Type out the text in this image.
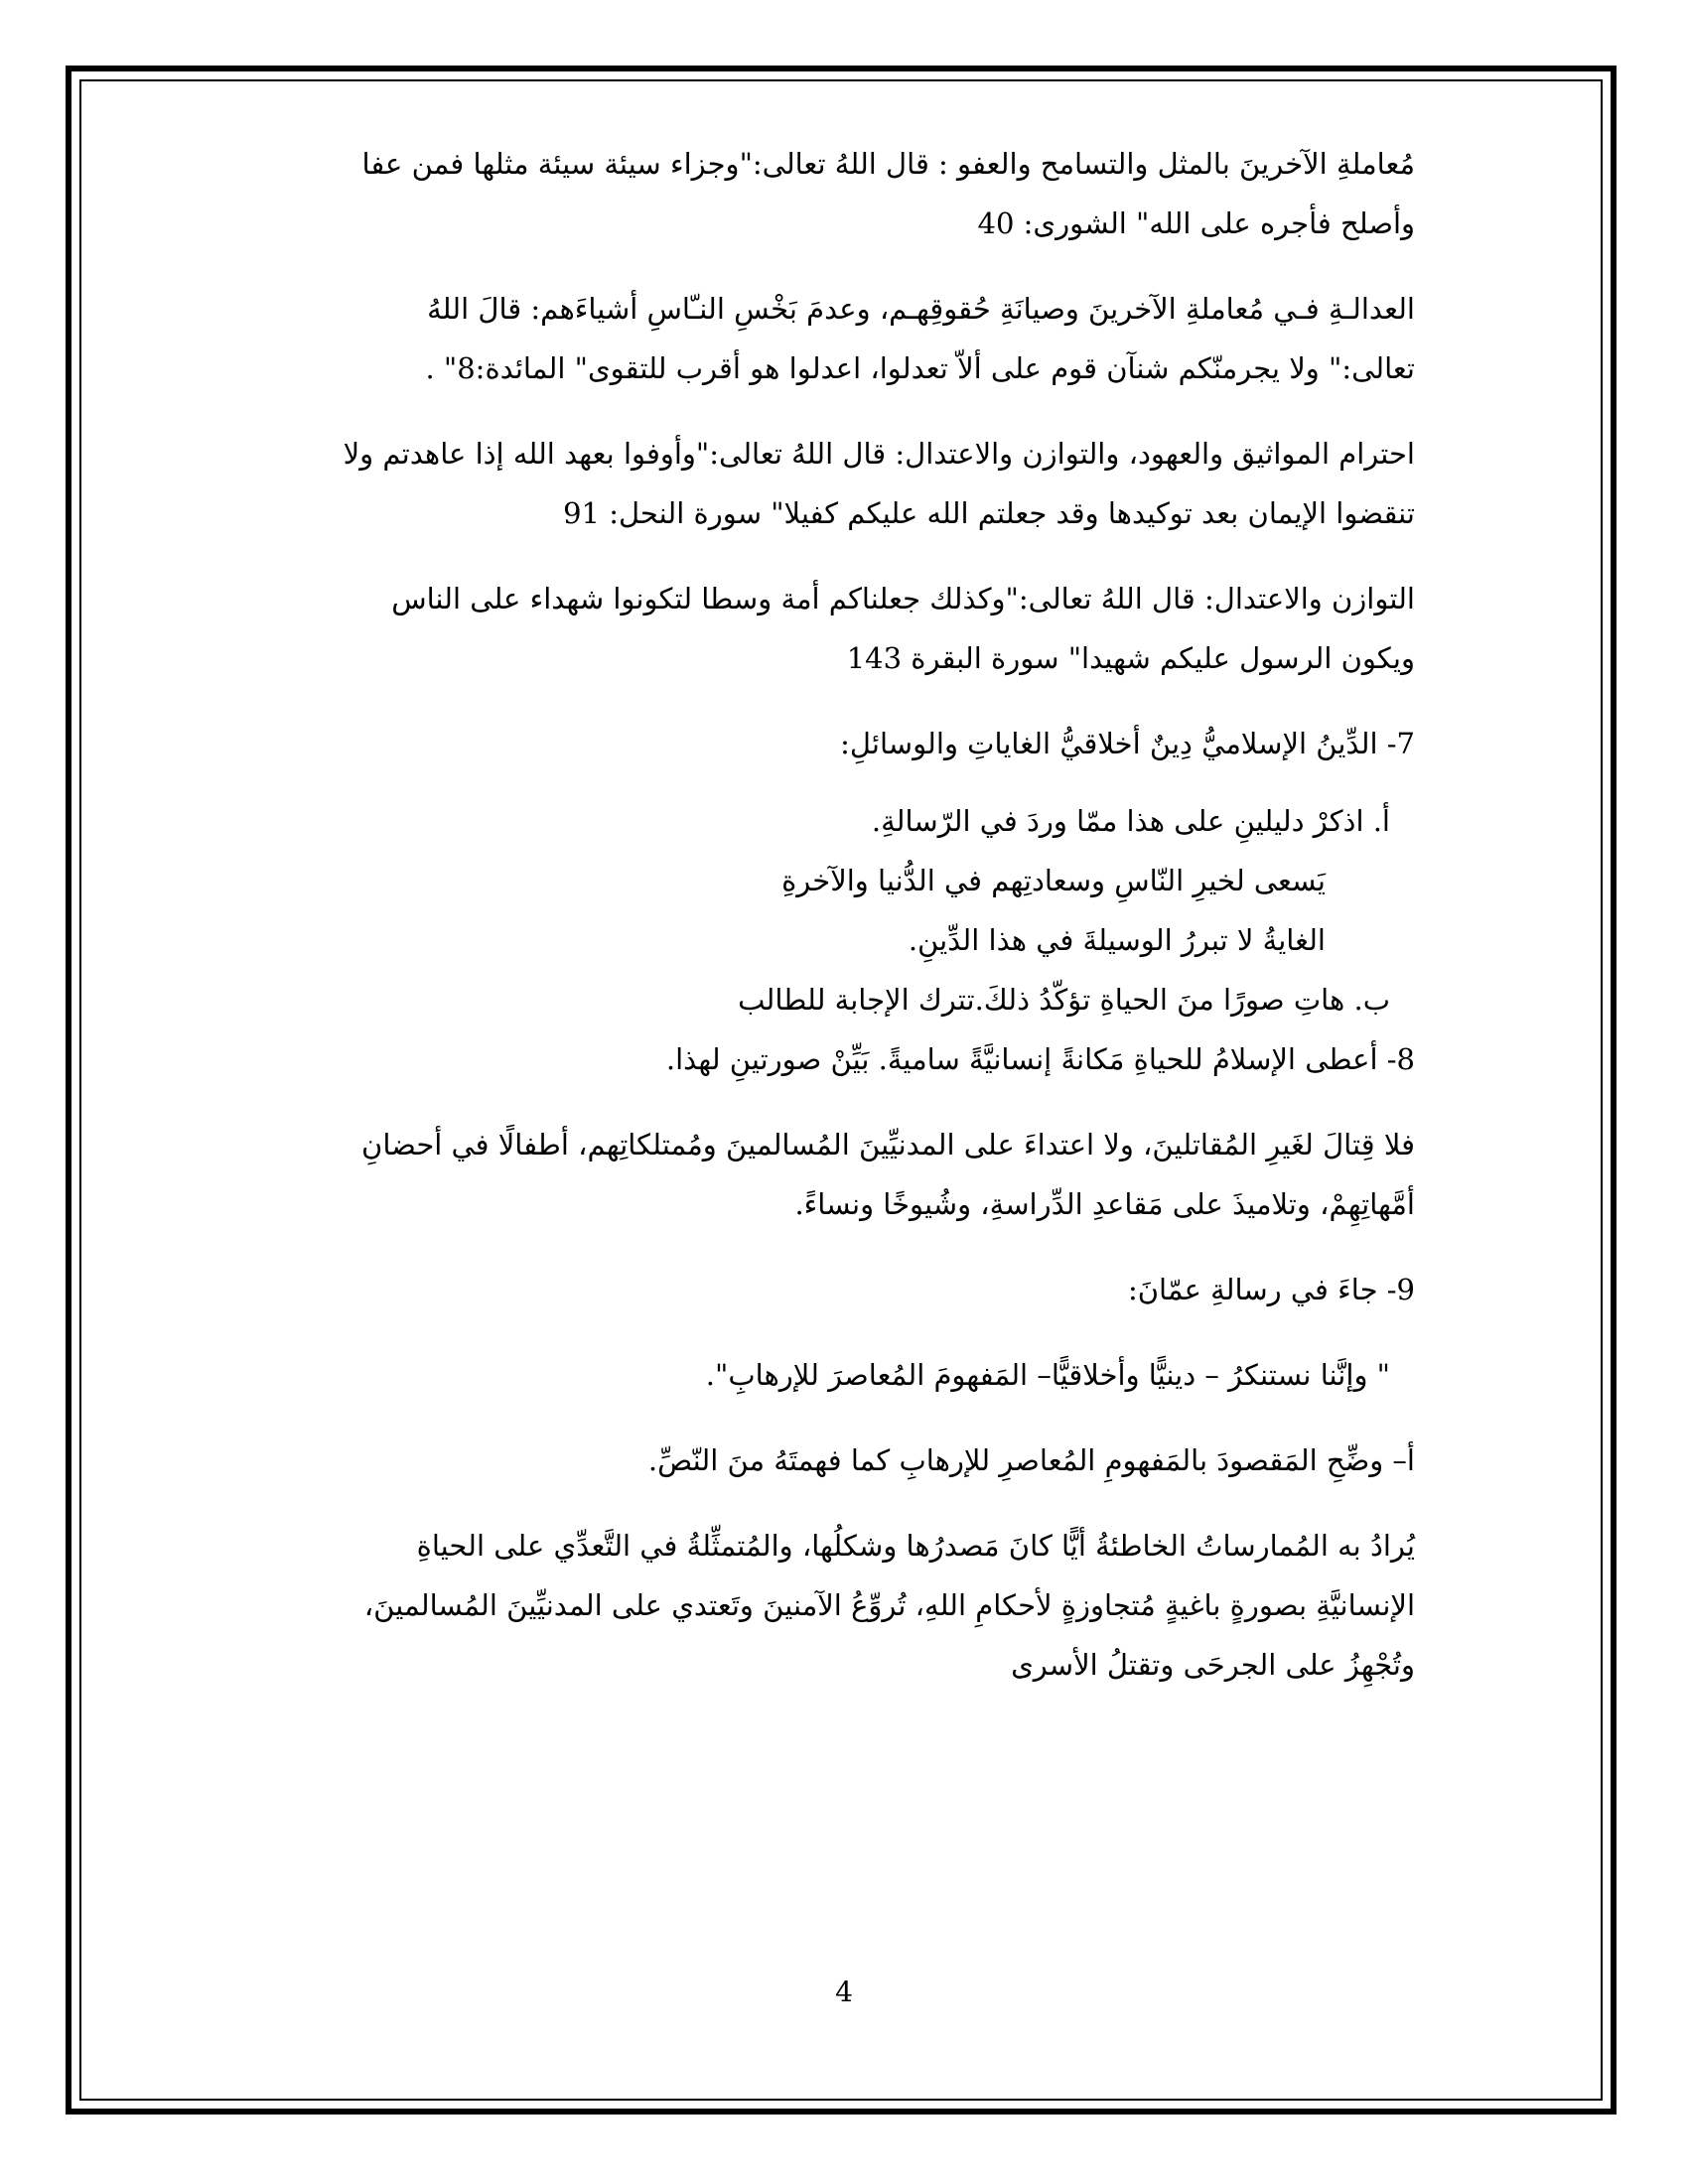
مُعاملةِ الآخرينَ بالمثل والتسامح والعفو : قال اللهُ تعالى:"وجزاء سيئة سيئة مثلها فمن عفا

وأصلح فأجره على الله" الشورى: 40

العدالـةِ فـي مُعاملةِ الآخرينَ وصيانَةِ حُقوقِهـم، وعدمَ بَخْسِ النـّاسِ أشياءَهم: قالَ اللهُ

تعالى:" ولا يجرمنّكم شنآن قوم على ألاّ تعدلوا، اعدلوا هو أقرب للتقوى" المائدة:8" .

احترام المواثيق والعهود، والتوازن والاعتدال: قال اللهُ تعالى:"وأوفوا بعهد الله إذا عاهدتم ولا

تنقضوا الإيمان بعد توكيدها وقد جعلتم الله عليكم كفيلا" سورة النحل: 91

التوازن والاعتدال: قال اللهُ تعالى:"وكذلك جعلناكم أمة وسطا لتكونوا شهداء على الناس

ويكون الرسول عليكم شهيدا" سورة البقرة 143

7- الدِّينُ الإسلاميُّ دِينٌ أخلاقيُّ الغاياتِ والوسائلِ:

أ. اذكرْ دليلينِ على هذا ممّا وردَ في الرّسالةِ.

يَسعى لخيرِ النّاسِ وسعادتِهم في الدُّنيا والآخرةِ

الغايةُ لا تبررُ الوسيلةَ في هذا الدِّينِ.

ب. هاتِ صورًا منَ الحياةِ تؤكّدُ ذلكَ.تترك الإجابة للطالب

8- أعطى الإسلامُ للحياةِ مَكانةً إنسانيَّةً ساميةً. بَيِّنْ صورتينِ لهذا.

فلا قِتالَ لغَيرِ المُقاتلينَ، ولا اعتداءَ على المدنيِّينَ المُسالمينَ ومُمتلكاتِهم، أطفالًا في أحضانِ

أمَّهاتِهِمْ، وتلاميذَ على مَقاعدِ الدِّراسةِ، وشُيوخًا ونساءً.

9- جاءَ في رسالةِ عمّانَ:

" وإنَّنا نستنكرُ – دينيًّا وأخلاقيًّا– المَفهومَ المُعاصرَ للإرهابِ".

أ– وضِّحِ المَقصودَ بالمَفهومِ المُعاصرِ للإرهابِ كما فهمتَهُ منَ النّصِّ.

يُرادُ به المُمارساتُ الخاطئةُ أيًّا كانَ مَصدرُها وشكلُها، والمُتمثِّلةُ في التَّعدِّي على الحياةِ

الإنسانيَّةِ بصورةٍ باغيةٍ مُتجاوزةٍ لأحكامِ اللهِ، تُروِّعُ الآمنينَ وتَعتدي على المدنيِّينَ المُسالمينَ،

وتُجْهِزُ على الجرحَى وتقتلُ الأسرى

4
